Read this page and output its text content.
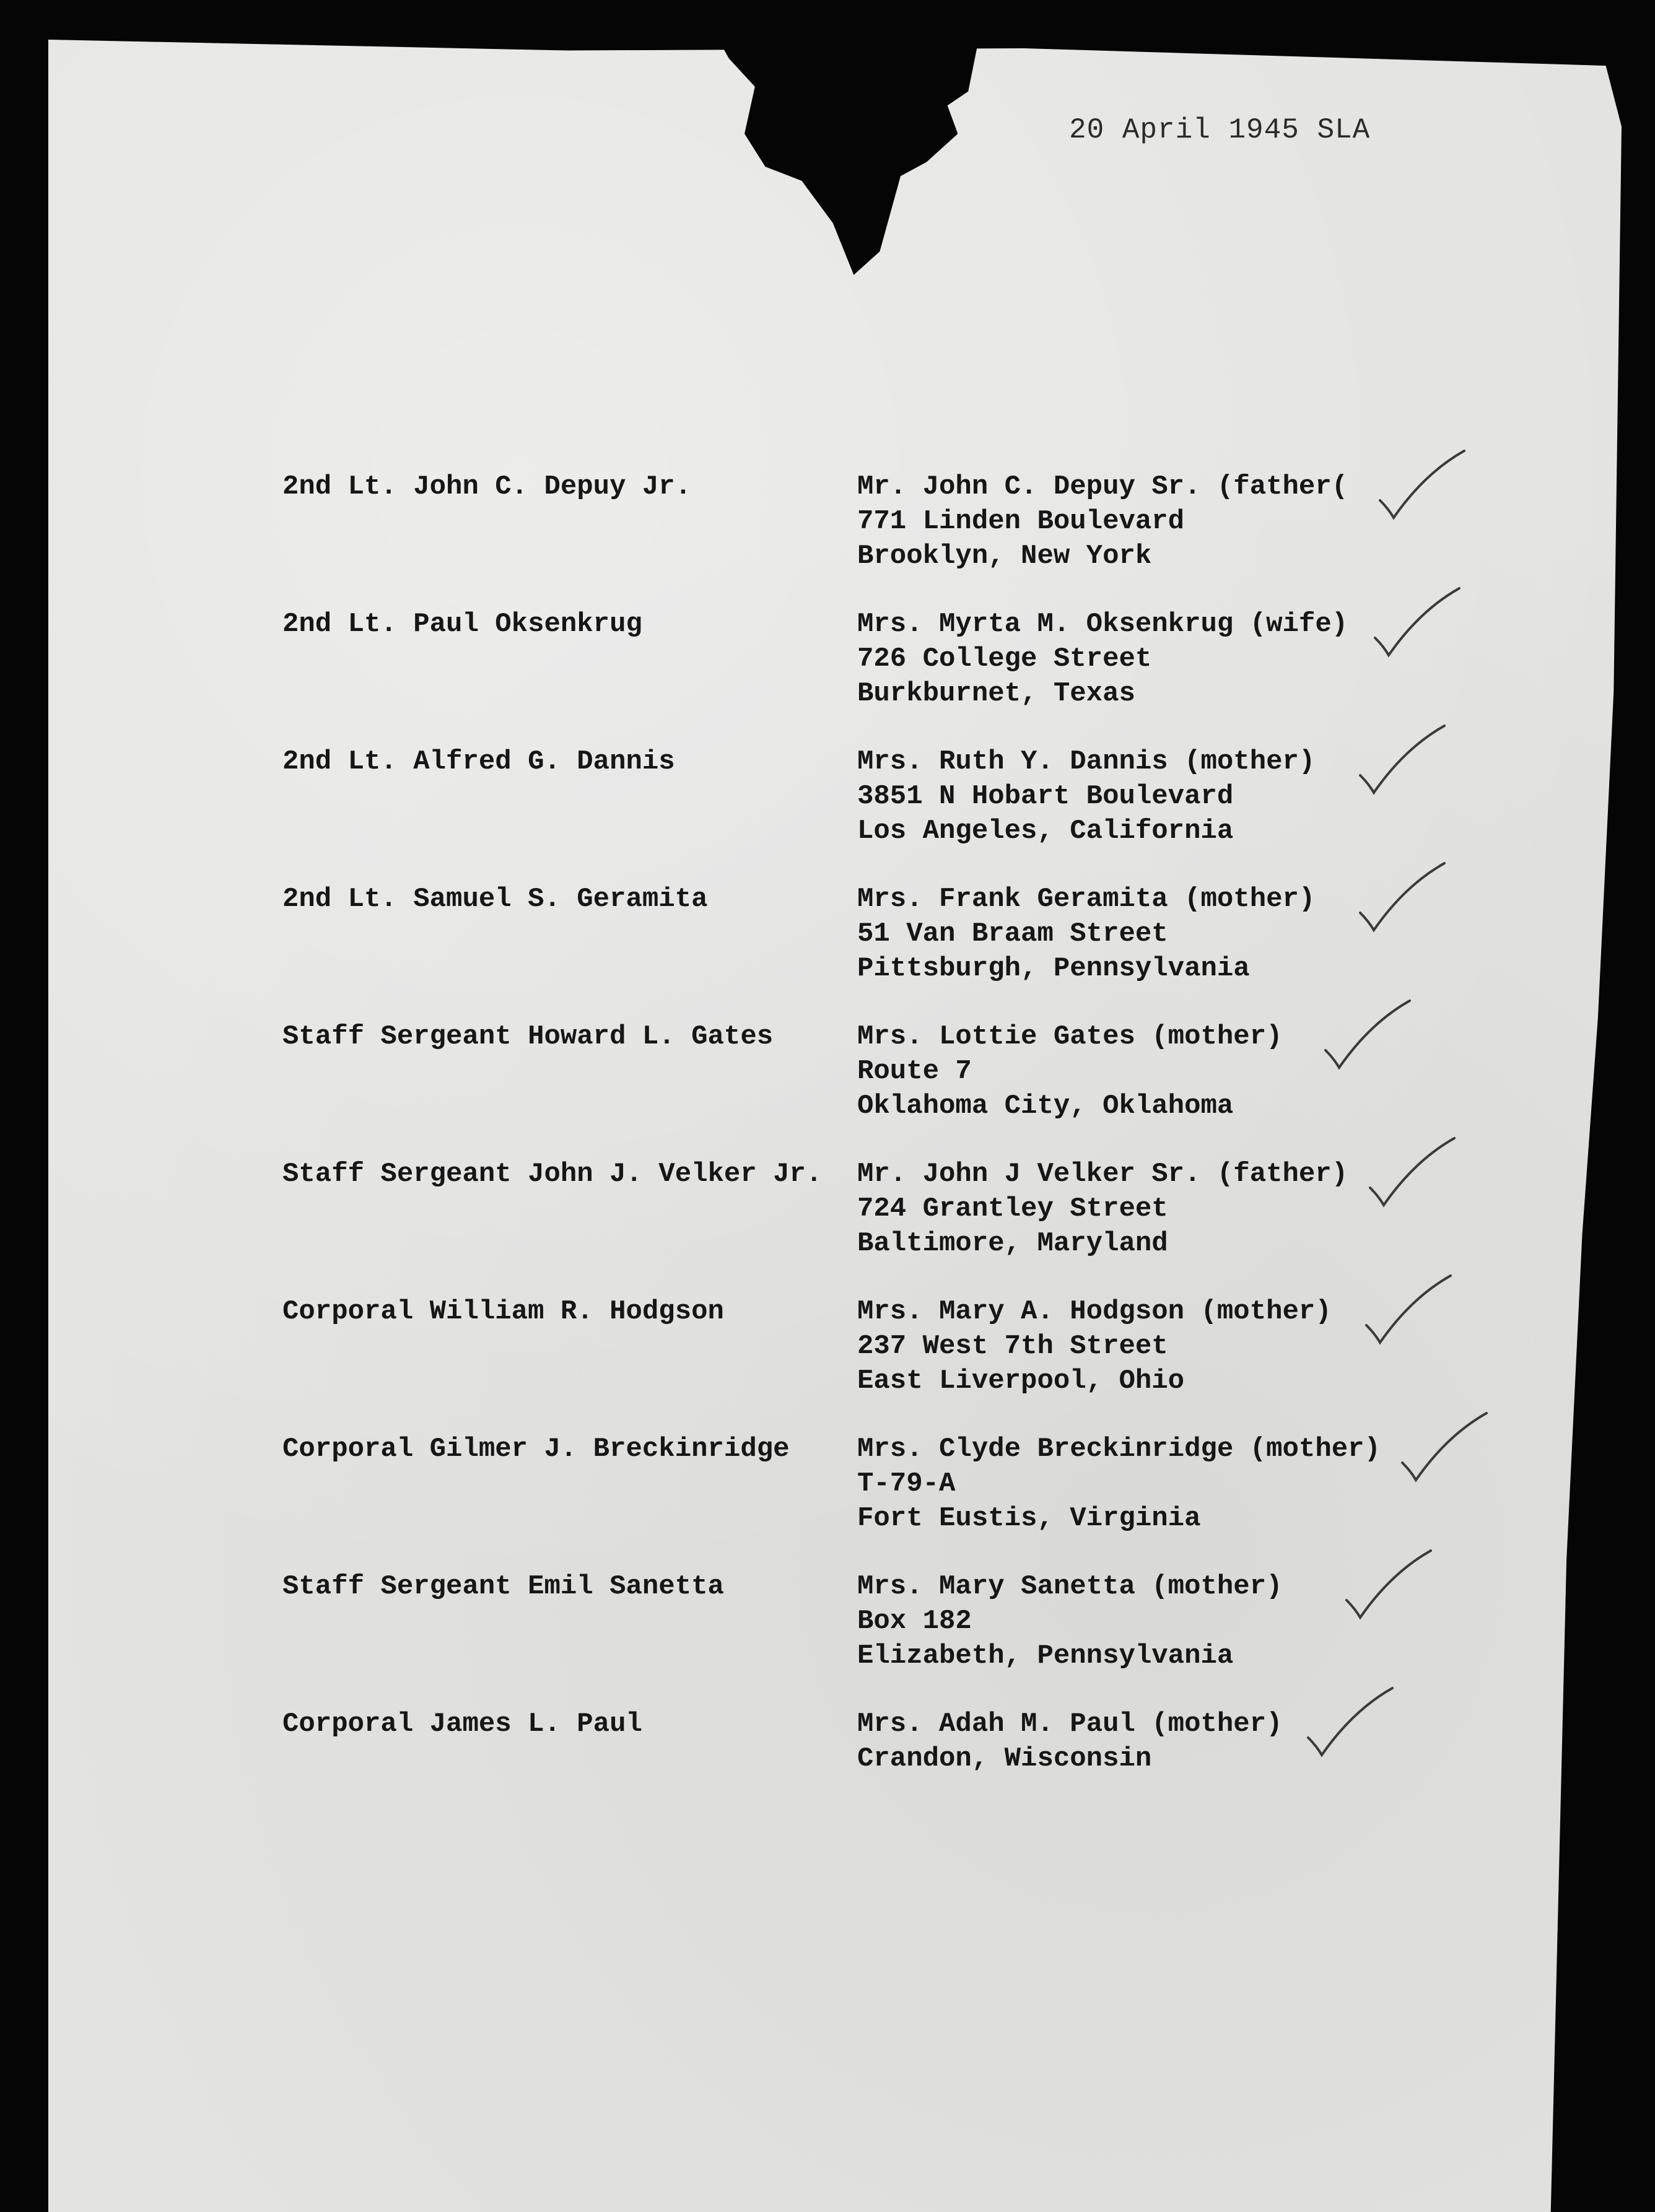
20 April 1945 SLA
2nd Lt. John C. Depuy Jr.	Mr. John C. Depuy Sr. (father(
771 Linden Boulevard
Brooklyn, New York
2nd Lt. Paul Oksenkrug	Mrs. Myrta M. Oksenkrug (wife)
726 College Street
Burkburnet, Texas
2nd Lt. Alfred G. Dannis	Mrs. Ruth Y. Dannis (mother)
3851 N Hobart Boulevard
Los Angeles, California
2nd Lt. Samuel S. Geramita	Mrs. Frank Geramita (mother)
51 Van Braam Street
Pittsburgh, Pennsylvania
Staff Sergeant Howard L. Gates	Mrs. Lottie Gates (mother)
Route 7
Oklahoma City, Oklahoma
Staff Sergeant John J. Velker Jr.	Mr. John J Velker Sr. (father)
724 Grantley Street
Baltimore, Maryland
Corporal William R. Hodgson	Mrs. Mary A. Hodgson (mother)
237 West 7th Street
East Liverpool, Ohio
Corporal Gilmer J. Breckinridge	Mrs. Clyde Breckinridge (mother)
T-79-A
Fort Eustis, Virginia
Staff Sergeant Emil Sanetta	Mrs. Mary Sanetta (mother)
Box 182
Elizabeth, Pennsylvania
Corporal James L. Paul	Mrs. Adah M. Paul (mother)
Crandon, Wisconsin
